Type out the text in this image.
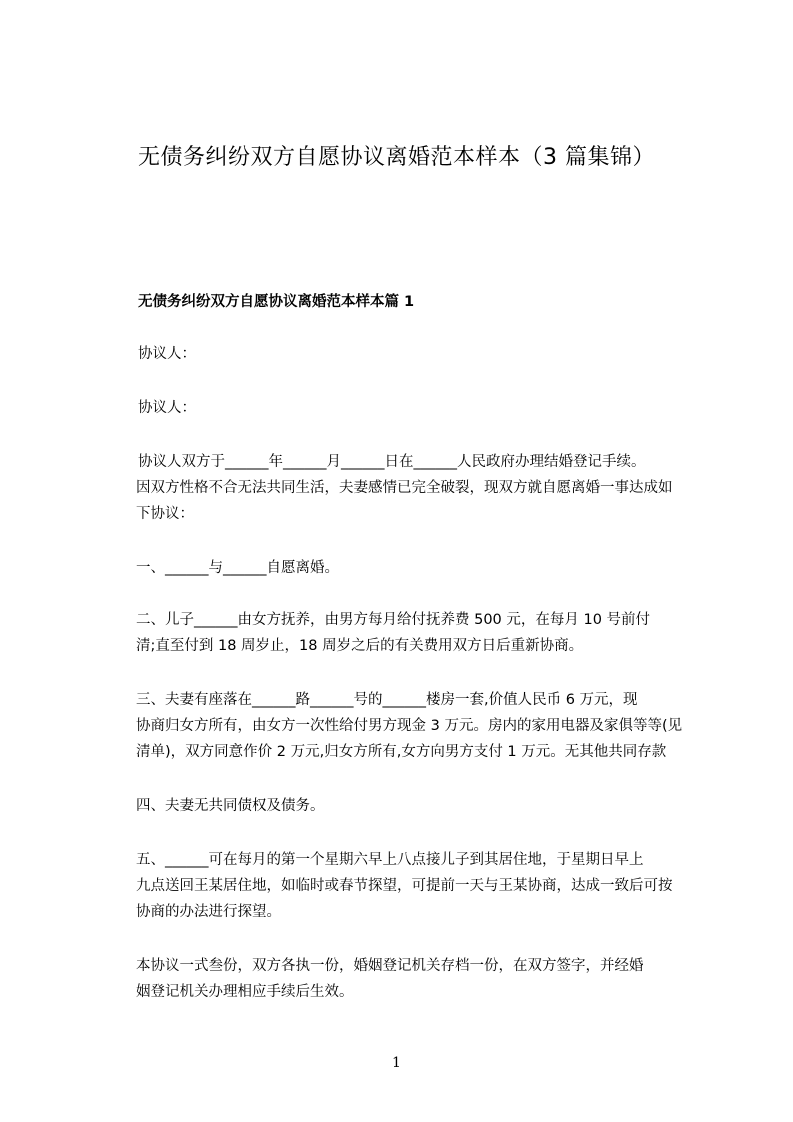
无债务纠纷双方自愿协议离婚范本样本（3 篇集锦）
无债务纠纷双方自愿协议离婚范本样本篇 1
协议人：
协议人：
协议人双方于______年______月______日在______人民政府办理结婚登记手续。
因双方性格不合无法共同生活，夫妻感情已完全破裂，现双方就自愿离婚一事达成如
下协议：
一、______与______自愿离婚。
二、儿子______由女方抚养，由男方每月给付抚养费 500 元，在每月 10 号前付
清;直至付到 18 周岁止，18 周岁之后的有关费用双方日后重新协商。
三、夫妻有座落在______路______号的______楼房一套,价值人民币 6 万元，现
协商归女方所有，由女方一次性给付男方现金 3 万元。房内的家用电器及家俱等等(见
清单)，双方同意作价 2 万元,归女方所有,女方向男方支付 1 万元。无其他共同存款
四、夫妻无共同债权及债务。
五、______可在每月的第一个星期六早上八点接儿子到其居住地，于星期日早上
九点送回王某居住地，如临时或春节探望，可提前一天与王某协商，达成一致后可按
协商的办法进行探望。
本协议一式叁份，双方各执一份，婚姻登记机关存档一份，在双方签字，并经婚
姻登记机关办理相应手续后生效。
1
